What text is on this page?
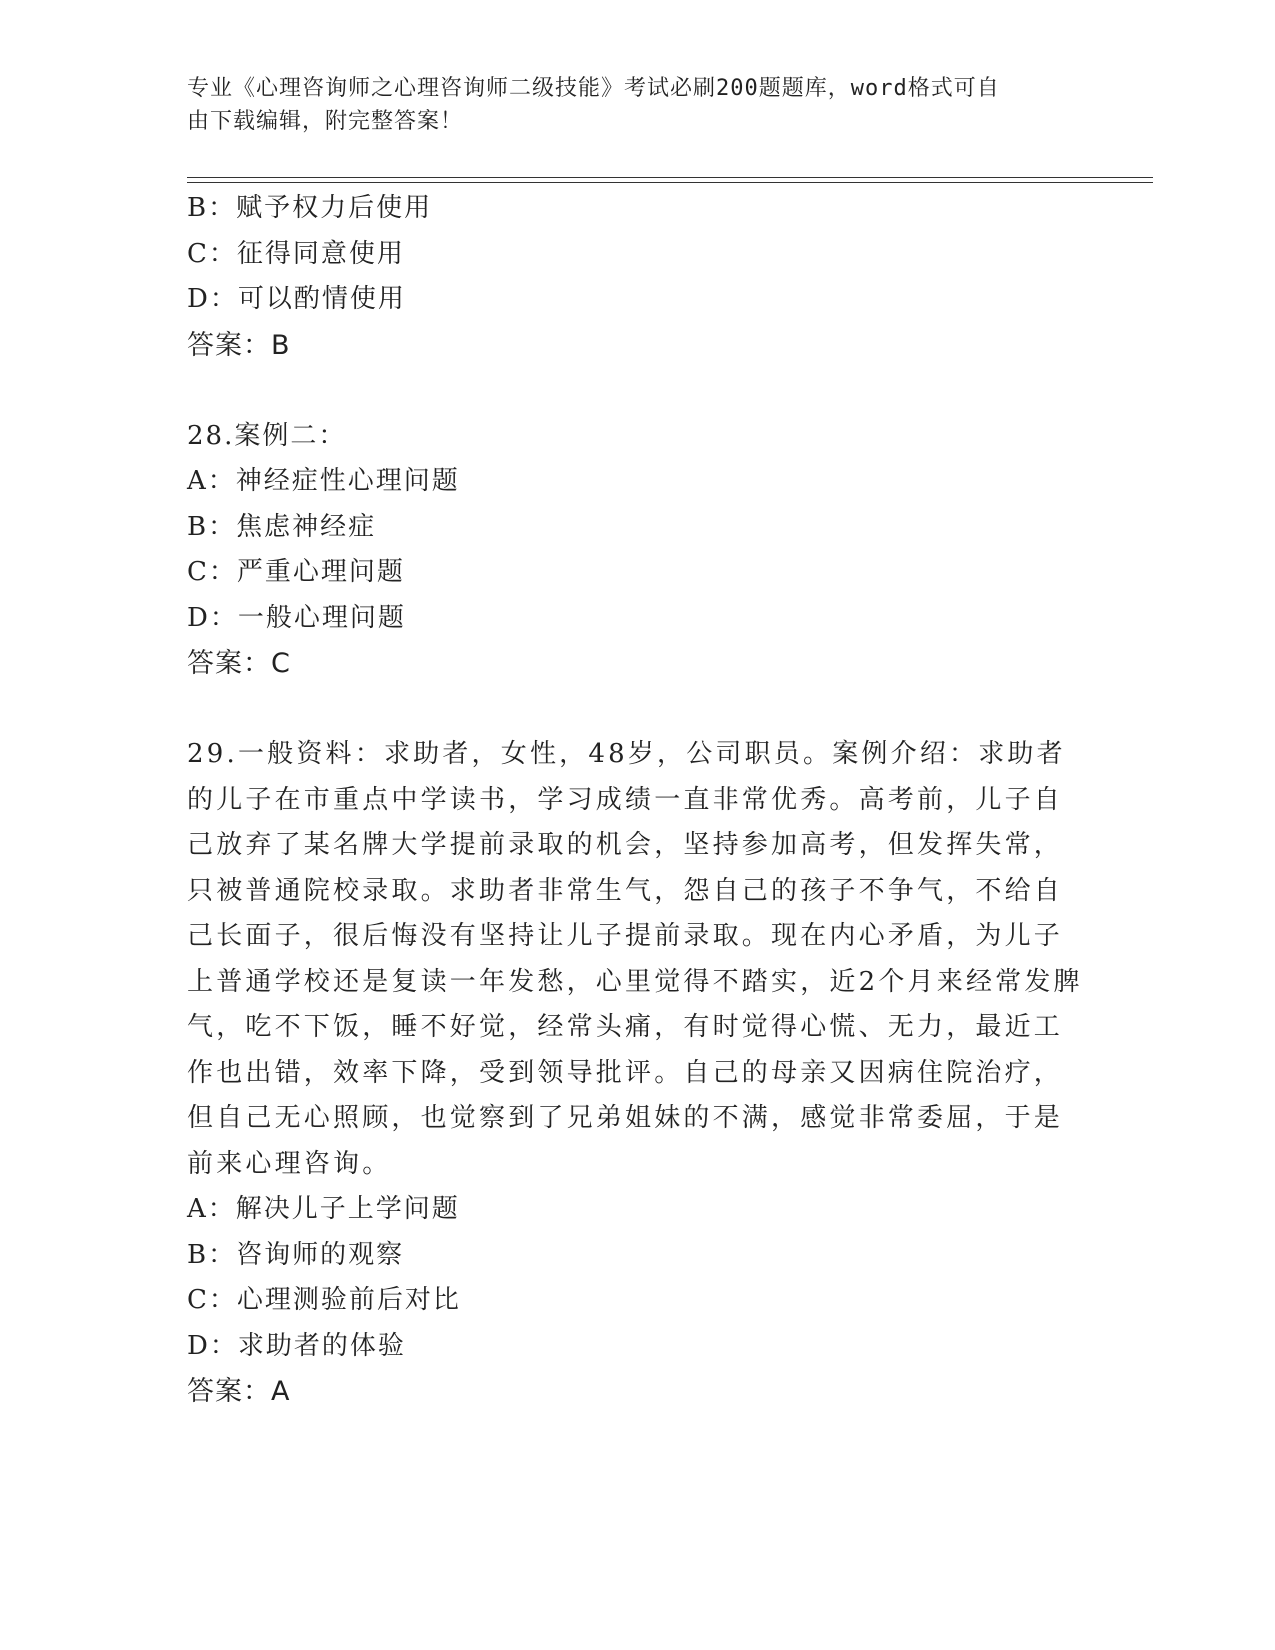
专业《心理咨询师之心理咨询师二级技能》考试必刷200题题库，word格式可自
由下载编辑，附完整答案！
B：赋予权力后使用
C：征得同意使用
D：可以酌情使用
答案：B
28.案例二：
A：神经症性心理问题
B：焦虑神经症
C：严重心理问题
D：一般心理问题
答案：C
29.一般资料：求助者，女性，48岁，公司职员。案例介绍：求助者的儿子在市重点中学读书，学习成绩一直非常优秀。高考前，儿子自己放弃了某名牌大学提前录取的机会，坚持参加高考，但发挥失常，只被普通院校录取。求助者非常生气，怨自己的孩子不争气，不给自己长面子，很后悔没有坚持让儿子提前录取。现在内心矛盾，为儿子上普通学校还是复读一年发愁，心里觉得不踏实，近2个月来经常发脾气，吃不下饭，睡不好觉，经常头痛，有时觉得心慌、无力，最近工作也出错，效率下降，受到领导批评。自己的母亲又因病住院治疗，但自己无心照顾，也觉察到了兄弟姐妹的不满，感觉非常委屈，于是前来心理咨询。
A：解决儿子上学问题
B：咨询师的观察
C：心理测验前后对比
D：求助者的体验
答案：A
